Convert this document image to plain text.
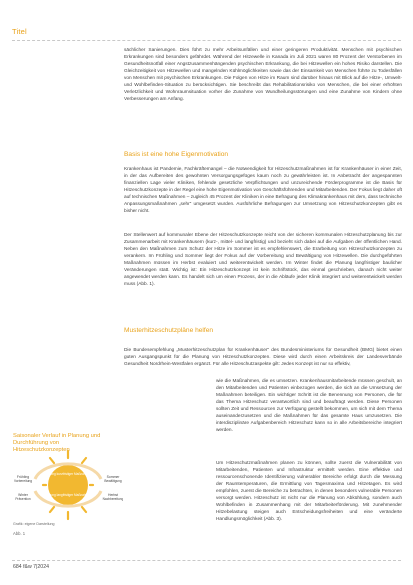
Titel

sächlicher Sanierungen. Dies führt zu mehr Arbeitsunfällen und einer geringeren Produktivität. Menschen mit psychischen Erkrankungen sind besonders gefährdet. Während der Hitzewelle in Kanada im Juli 2021 waren 80 Prozent der Verstorbenen im Gesundheitsnotfall einer Angstzusammenhängenden psychischen Erkrankung, die bei Hitzewellen ein hohes Risiko darstellen. Die Gleichzeitigkeit von Hitzewellen und mangelnden Kühlmöglichkeiten sowie das der Einsamkeit von Menschen führte zu Todesfällen von Menschen mit psychischen Erkrankungen. Die Folgen von Hitze im Raum sind darüber hinaus mit Blick auf die Hitze-, Umwelt- und Wohlbefinden-Situation zu berücksichtigen. Sie beschreibt das Rehabilitationsrisiko von Menschen, die bei einer erhöhten Verletzlichkeit und Wohnraumsituation vorher die Zunahme von Wundheilungsstörungen und eine Zunahme von Kindern ohne Verbesserungen am Anfang.

Basis ist eine hohe Eigenmotivation

Krankenhaus ist Pandemie, Fachkräftemangel – die Notwendigkeit für Hitzeschutzmaßnahmen ist für Krankenhäuser in einer Zeit, in der das Aufbereiten des gewohnten Versorgungsgefüges kaum noch zu gewährleisten ist. In Anbetracht der angespannten finanziellen Lage vieler Kliniken, fehlende gesetzliche Verpflichtungen und unzureichende Förderprogramme ist die Basis für Hitzeschutzkonzepte in der Regel eine hohe Eigenmotivation von Geschäftsführenden und Mitarbeitenden. Der Fokus liegt daher oft auf technischen Maßnahmen – zugleich 45 Prozent der Kliniken in eine Befragung des Klimakrankenhaus mit dem, dass technische Anpassungsmaßnahmen „sehr“ umgesetzt wurden. Ausführliche Befragungen zur Umsetzung von Hitzeschutzkonzepten gibt es bisher nicht.

Der Stellenwert auf kommunaler Ebene der Hitzeschutzkonzepte reicht von der sicheren kommunalen Hitzeschutzplanung bis zur Zusammenarbeit mit Krankenhäusern (kurz-, mittel- und langfristig) und bezieht sich dabei auf die Aufgaben der öffentlichen Hand. Neben den Maßnahmen zum Schutz der Hitze im Sommer ist es empfehlenswert, die Erarbeitung von Hitzeschutzkonzepten zu verankern. Im Frühling und Sommer liegt der Fokus auf der Vorbereitung und Bewältigung von Hitzewellen. Die durchgeführten Maßnahmen müssen im Herbst evaluiert und weiterentwickelt werden. Im Winter findet die Planung langfristiger baulicher Veränderungen statt. Wichtig ist: Ein Hitzeschutzkonzept ist kein Schriftstück, das einmal geschrieben, danach nicht weiter angewendet werden kann. Es handelt sich um einen Prozess, der in die Abläufe jeder Klinik integriert und weiterentwickelt werden muss (Abb. 1).

Musterhitzeschutzpläne helfen

Die Bundesempfehlung „Musterhitzeschutzplan für Krankenhäuser“ des Bundesministeriums für Gesundheit (BMG) bietet einen guten Ausgangspunkt für die Planung von Hitzeschutzkonzepten. Diese wird durch einen Arbeitskreis der Landesverbände Gesundheit Nordrhein-Westfalen ergänzt. Für alle Hitzeschutzaspekte gilt: Jedes Konzept ist nur so effektiv,

wie die Maßnahmen, die es umsetzen. Krankenhausmitarbeitende müssen geschult, an den Mitarbeitenden und Patienten einbezogen werden, die sich an die Umsetzung der Maßnahmen beteiligen. Ein wichtiger Schritt ist die Benennung von Personen, die für das Thema Hitzeschutz verantwortlich sind und beauftragt werden. Diese Personen sollten Zeit und Ressourcen zur Verfügung gestellt bekommen, um sich mit dem Thema auseinanderzusetzen und die Maßnahmen für das gesamte Haus umzusetzen. Die interdisziplinäre Aufgabenbereich Hitzeschutz kann so in alle Arbeitsbereiche integriert werden.

Um Hitzeschutzmaßnahmen planen zu können, sollte zuerst die Vulnerabilität von Mitarbeitenden, Patienten und Infrastruktur ermittelt werden. Eine effektive und ressourcenschonende Identifizierung vulnerabler Bereiche erfolgt durch die Messung der Raumtemperaturen, die Ermittlung von Tagesmaxima und Hitzetagen. Es wird empfohlen, zuerst die Bereiche zu betrachten, in denen besonders vulnerable Personen versorgt werden. Hitzeschutz ist nicht nur die Planung von Abkühlung, sondern auch Wohlbefinden in Zusammenhang mit der Mitarbeiterförderung. Mit zunehmender Hitzebelastung steigen auch Entscheidungsfreiheiten und eine veränderte Handlungsmöglichkeit (Abb. 3).

Saisonaler Verlauf in Planung und Durchführung von Hitzeschutzkonzepten
Planung kurzfristiger Maßnahmen
Planung langfristiger Maßnahmen
Frühling
Vorbereitung
Sommer
Bewältigung
Winter
Prävention
Herbst
Nachbereitung
Grafik: eigene Darstellung
Abb. 1
684 f&w 7|2024
